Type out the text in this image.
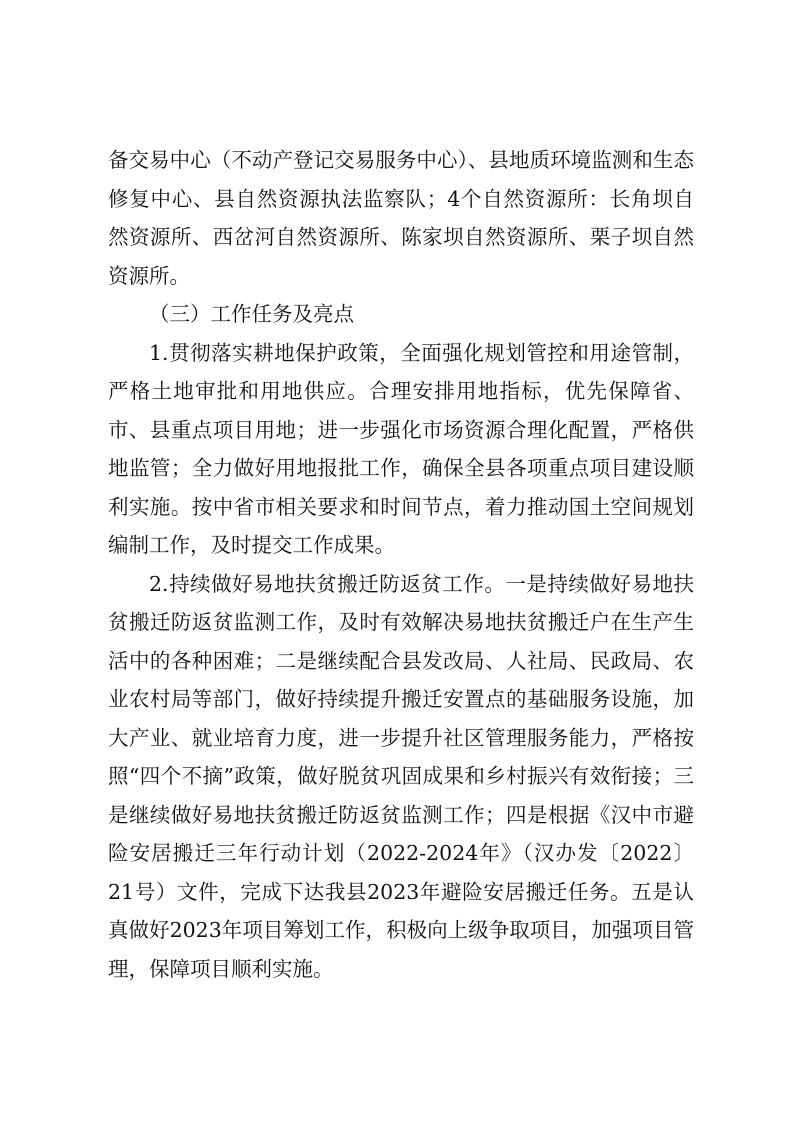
备交易中心（不动产登记交易服务中心）、县地质环境监测和生态修复中心、县自然资源执法监察队；4个自然资源所：长角坝自然资源所、西岔河自然资源所、陈家坝自然资源所、栗子坝自然资源所。

（三）工作任务及亮点

1.贯彻落实耕地保护政策，全面强化规划管控和用途管制，严格土地审批和用地供应。合理安排用地指标，优先保障省、市、县重点项目用地；进一步强化市场资源合理化配置，严格供地监管；全力做好用地报批工作，确保全县各项重点项目建设顺利实施。按中省市相关要求和时间节点，着力推动国土空间规划编制工作，及时提交工作成果。

2.持续做好易地扶贫搬迁防返贫工作。一是持续做好易地扶贫搬迁防返贫监测工作，及时有效解决易地扶贫搬迁户在生产生活中的各种困难；二是继续配合县发改局、人社局、民政局、农业农村局等部门，做好持续提升搬迁安置点的基础服务设施，加大产业、就业培育力度，进一步提升社区管理服务能力，严格按照“四个不摘”政策，做好脱贫巩固成果和乡村振兴有效衔接；三是继续做好易地扶贫搬迁防返贫监测工作；四是根据《汉中市避险安居搬迁三年行动计划（2022-2024年》（汉办发〔2022〕21号）文件，完成下达我县2023年避险安居搬迁任务。五是认真做好2023年项目筹划工作，积极向上级争取项目，加强项目管理，保障项目顺利实施。
